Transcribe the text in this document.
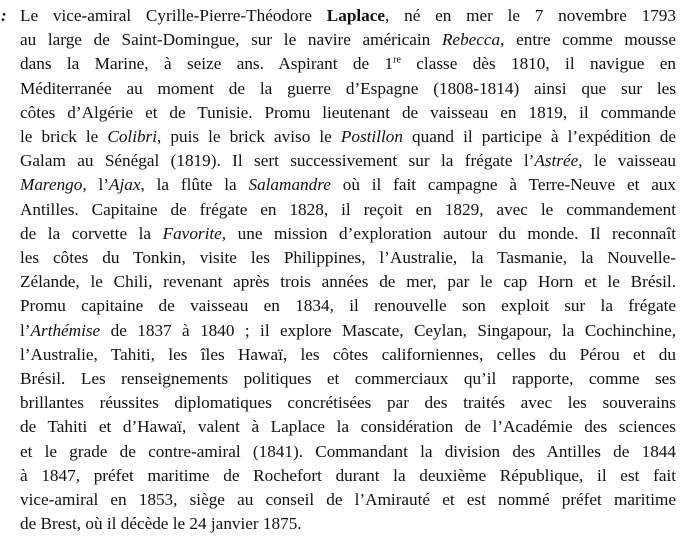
: Le vice-amiral Cyrille-Pierre-Théodore Laplace, né en mer le 7 novembre 1793
au large de Saint-Domingue, sur le navire américain Rebecca, entre comme mousse
dans la Marine, à seize ans. Aspirant de 1re classe dès 1810, il navigue en
Méditerranée au moment de la guerre d’Espagne (1808-1814) ainsi que sur les
côtes d’Algérie et de Tunisie. Promu lieutenant de vaisseau en 1819, il commande
le brick le Colibri, puis le brick aviso le Postillon quand il participe à l’expédition de
Galam au Sénégal (1819). Il sert successivement sur la frégate l’Astrée, le vaisseau
Marengo, l’Ajax, la flûte la Salamandre où il fait campagne à Terre-Neuve et aux
Antilles. Capitaine de frégate en 1828, il reçoit en 1829, avec le commandement
de la corvette la Favorite, une mission d’exploration autour du monde. Il reconnaît
les côtes du Tonkin, visite les Philippines, l’Australie, la Tasmanie, la Nouvelle-
Zélande, le Chili, revenant après trois années de mer, par le cap Horn et le Brésil.
Promu capitaine de vaisseau en 1834, il renouvelle son exploit sur la frégate
l’Arthémise de 1837 à 1840 ; il explore Mascate, Ceylan, Singapour, la Cochinchine,
l’Australie, Tahiti, les îles Hawaï, les côtes californiennes, celles du Pérou et du
Brésil. Les renseignements politiques et commerciaux qu’il rapporte, comme ses
brillantes réussites diplomatiques concrétisées par des traités avec les souverains
de Tahiti et d’Hawaï, valent à Laplace la considération de l’Académie des sciences
et le grade de contre-amiral (1841). Commandant la division des Antilles de 1844
à 1847, préfet maritime de Rochefort durant la deuxième République, il est fait
vice-amiral en 1853, siège au conseil de l’Amirauté et est nommé préfet maritime
de Brest, où il décède le 24 janvier 1875.
